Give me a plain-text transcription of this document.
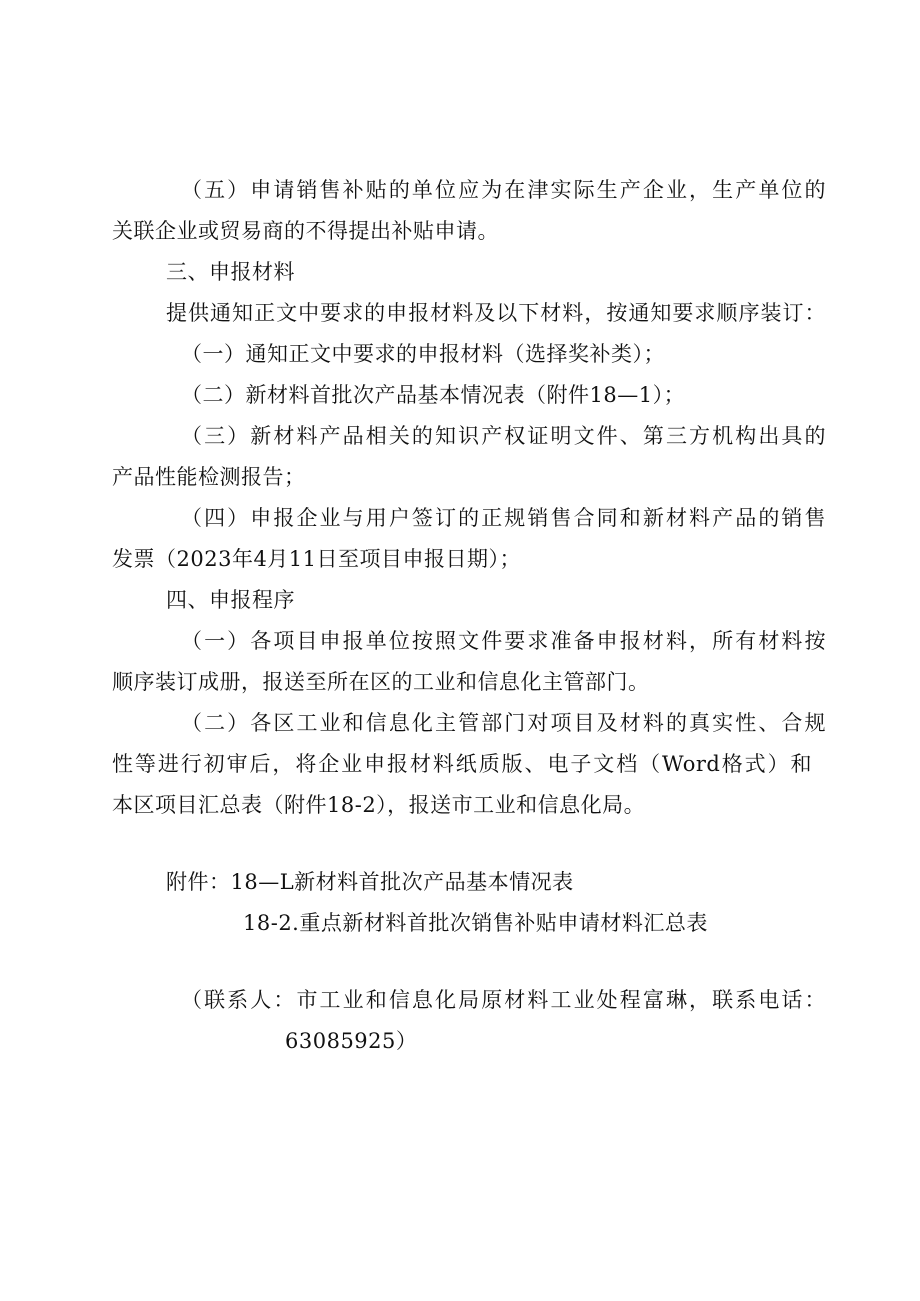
（五）申请销售补贴的单位应为在津实际生产企业，生产单位的
关联企业或贸易商的不得提出补贴申请。
三、申报材料
提供通知正文中要求的申报材料及以下材料，按通知要求顺序装订：
（一）通知正文中要求的申报材料（选择奖补类）；
（二）新材料首批次产品基本情况表（附件18—1）；
（三）新材料产品相关的知识产权证明文件、第三方机构出具的
产品性能检测报告；
（四）申报企业与用户签订的正规销售合同和新材料产品的销售
发票（2023年4月11日至项目申报日期）；
四、申报程序
（一）各项目申报单位按照文件要求准备申报材料，所有材料按
顺序装订成册，报送至所在区的工业和信息化主管部门。
（二）各区工业和信息化主管部门对项目及材料的真实性、合规
性等进行初审后，将企业申报材料纸质版、电子文档（Word格式）和
本区项目汇总表（附件18-2），报送市工业和信息化局。
附件：18—L新材料首批次产品基本情况表
18-2.重点新材料首批次销售补贴申请材料汇总表
（联系人：市工业和信息化局原材料工业处程富琳，联系电话：
63085925）
